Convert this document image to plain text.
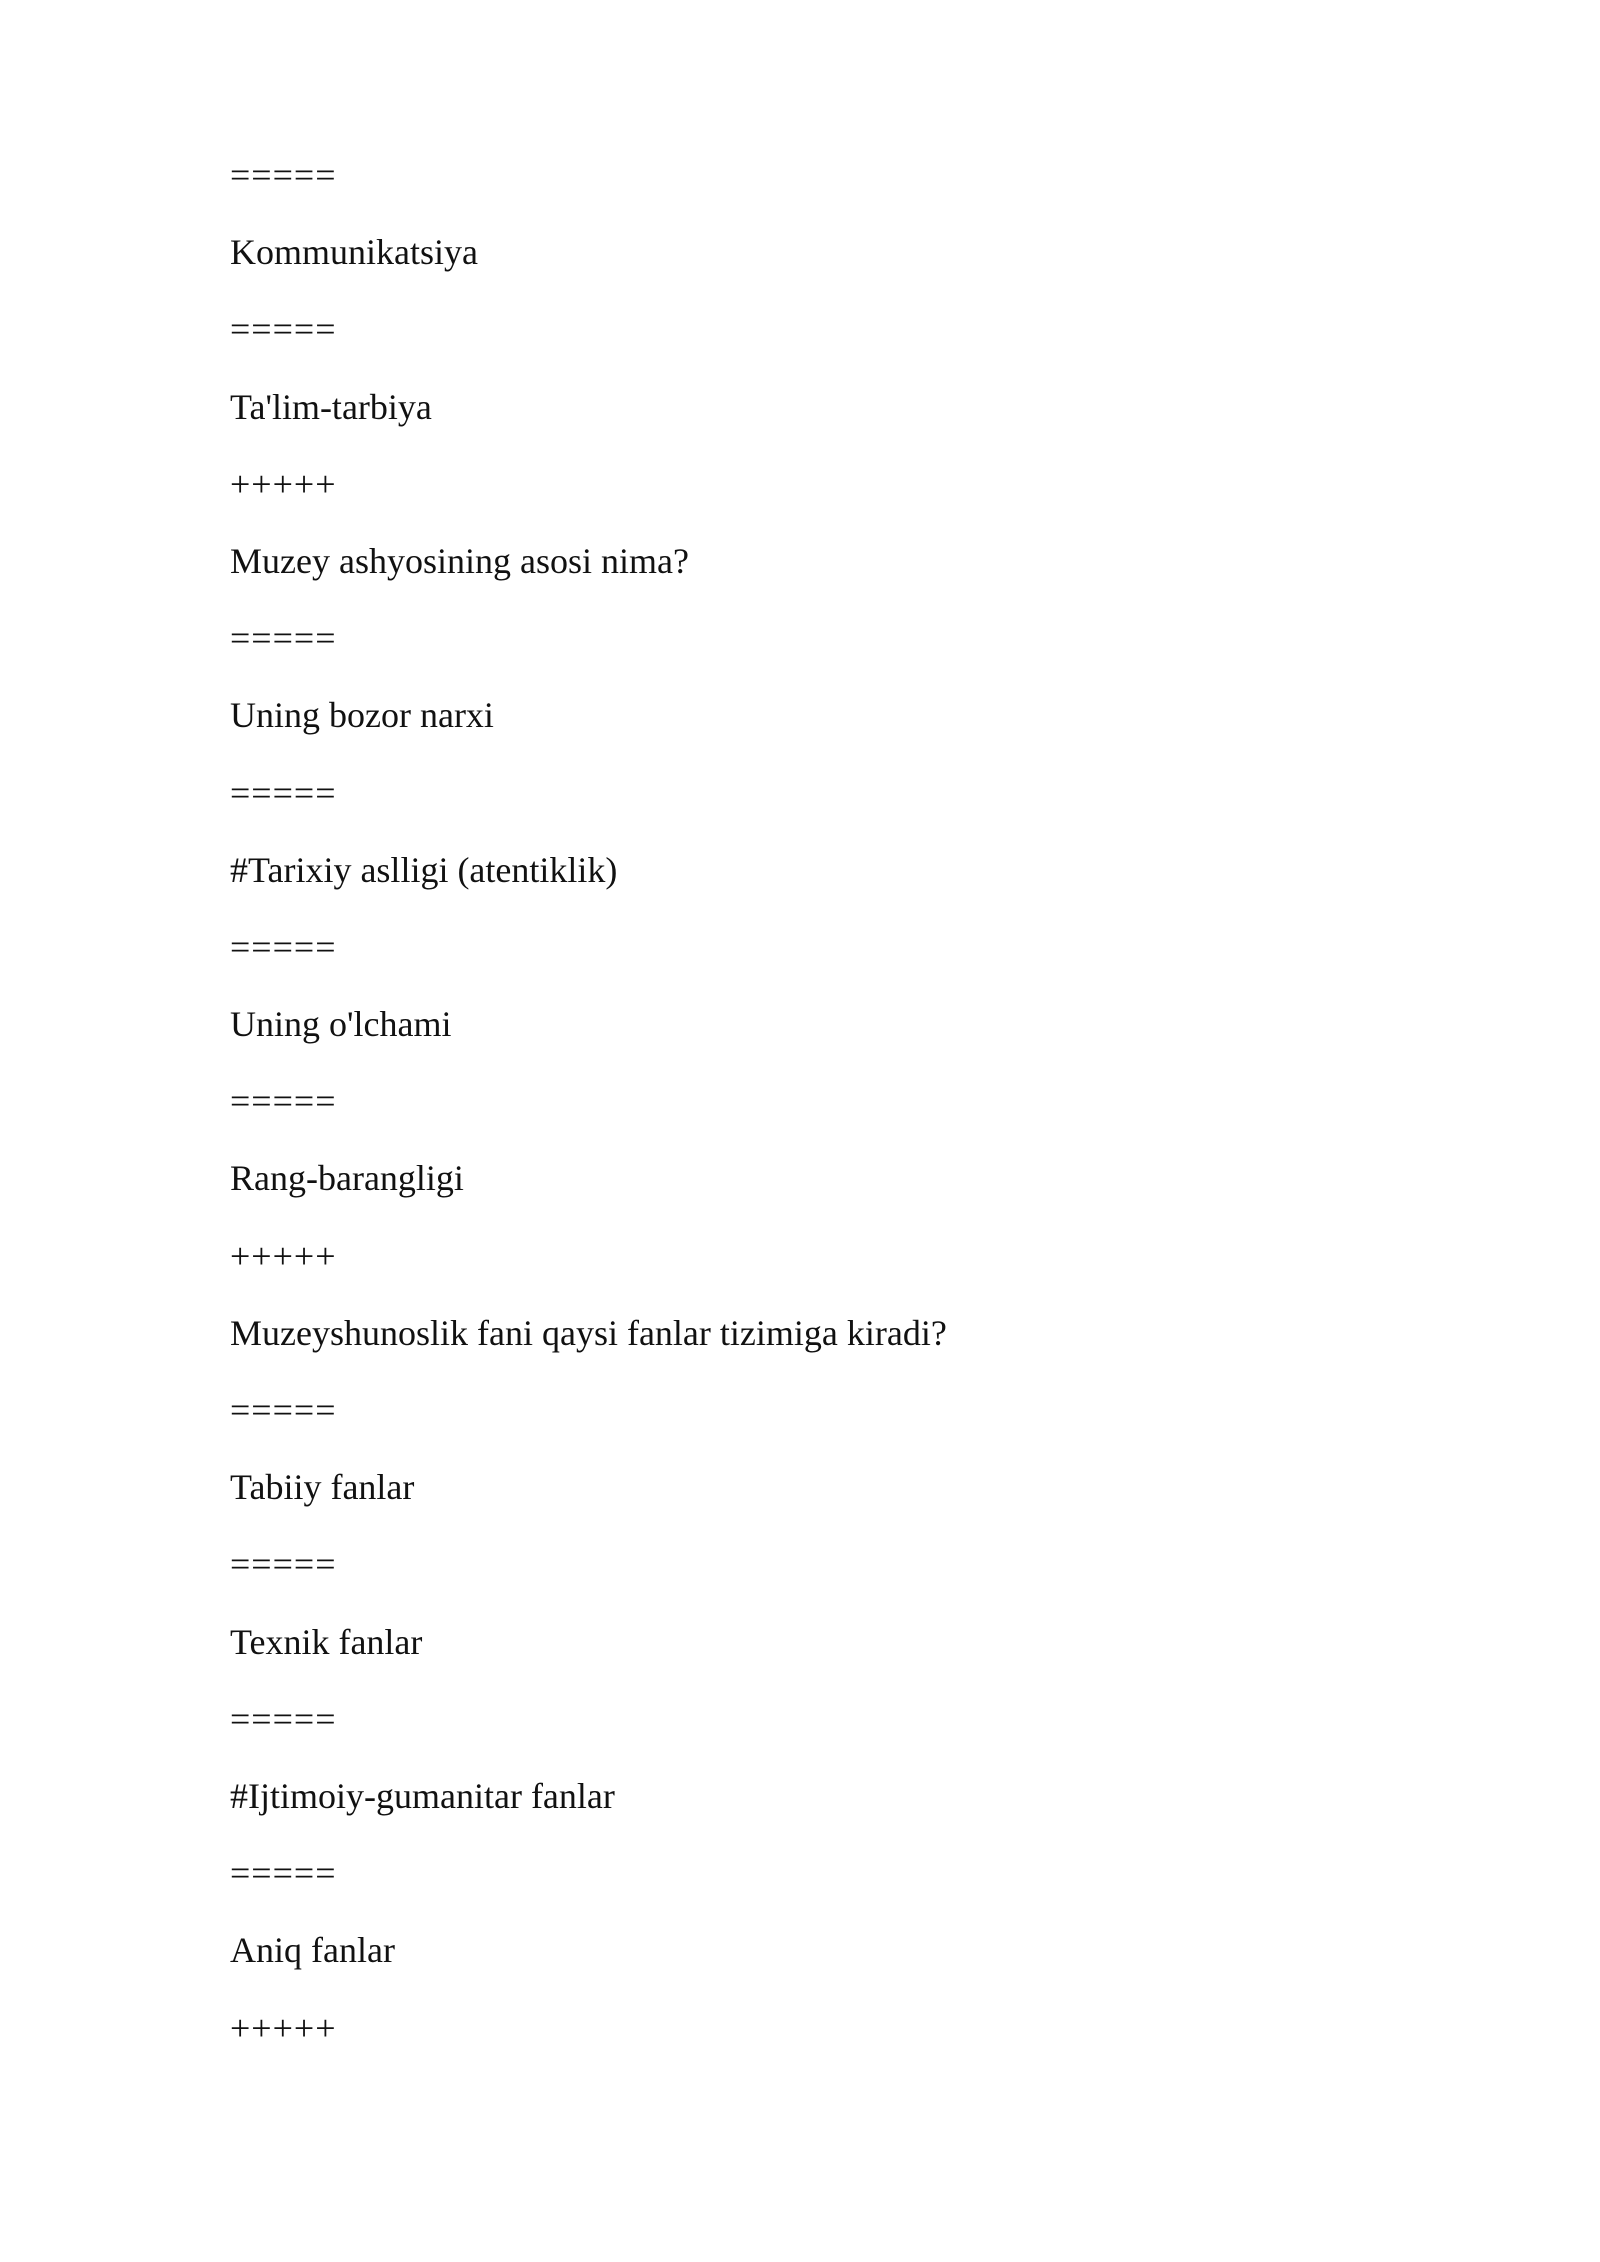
=====
Kommunikatsiya
=====
Ta'lim-tarbiya
+++++
Muzey ashyosining asosi nima?
=====
Uning bozor narxi
=====
#Tarixiy aslligi (atentiklik)
=====
Uning o'lchami
=====
Rang-barangligi
+++++
Muzeyshunoslik fani qaysi fanlar tizimiga kiradi?
=====
Tabiiy fanlar
=====
Texnik fanlar
=====
#Ijtimoiy-gumanitar fanlar
=====
Aniq fanlar
+++++
